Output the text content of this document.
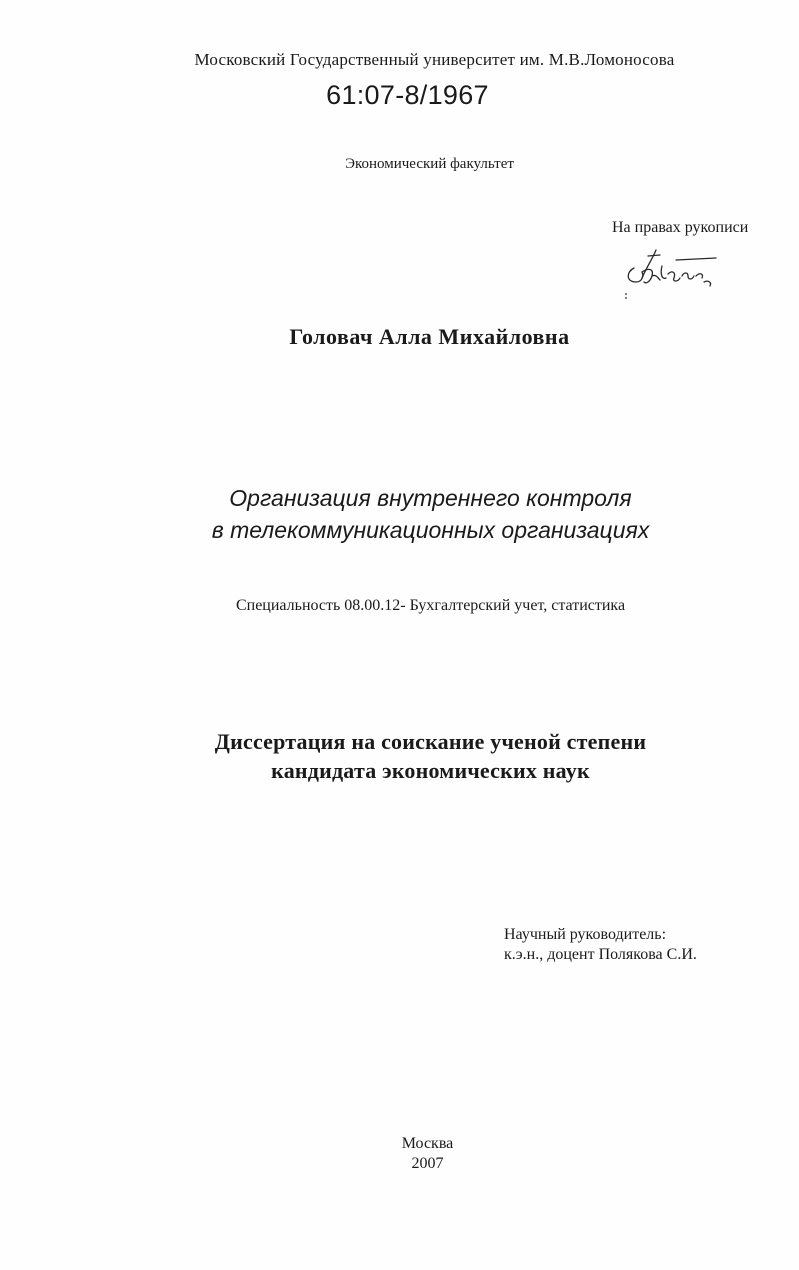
Московский Государственный университет им. М.В.Ломоносова
61:07-8/1967
Экономический факультет
На правах рукописи
Головач Алла Михайловна
Организация внутреннего контроля
в телекоммуникационных организациях
Специальность 08.00.12- Бухгалтерский учет, статистика
Диссертация на соискание ученой степени
кандидата экономических наук
Научный руководитель:
к.э.н., доцент Полякова С.И.
Москва
2007
